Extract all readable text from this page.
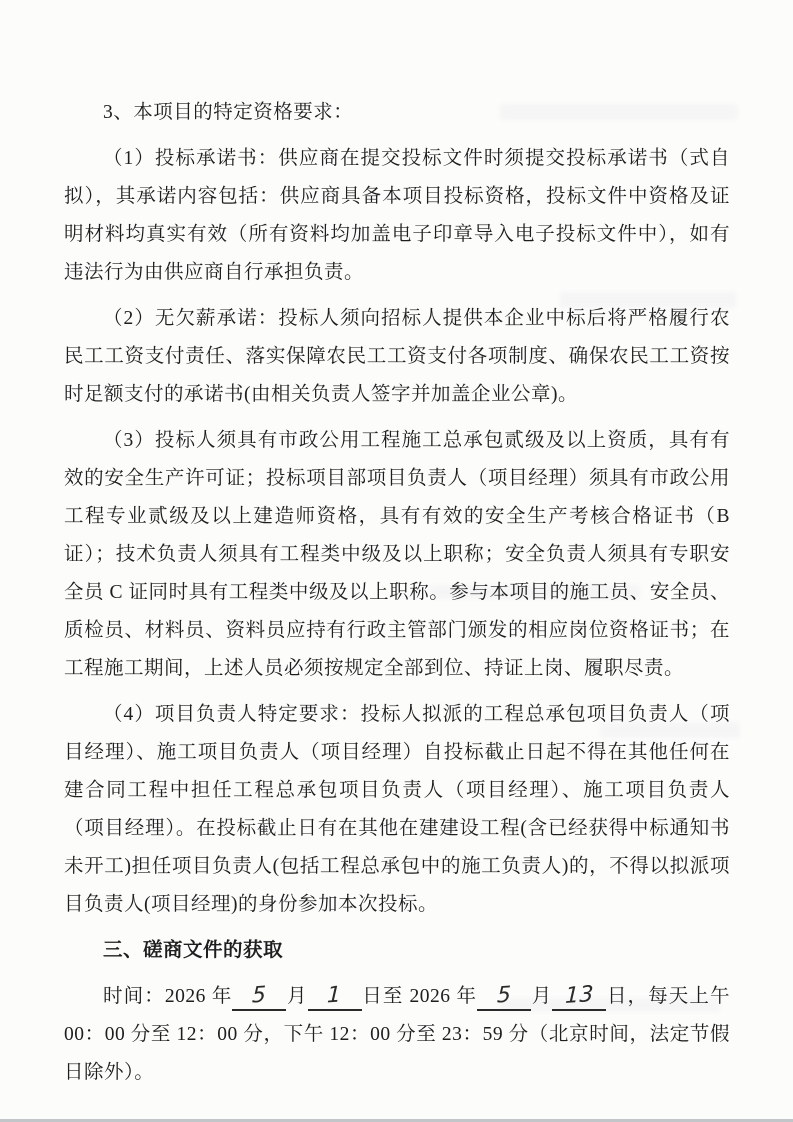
3、本项目的特定资格要求：

（1）投标承诺书：供应商在提交投标文件时须提交投标承诺书（式自拟），其承诺内容包括：供应商具备本项目投标资格，投标文件中资格及证明材料均真实有效（所有资料均加盖电子印章导入电子投标文件中），如有违法行为由供应商自行承担负责。

（2）无欠薪承诺：投标人须向招标人提供本企业中标后将严格履行农民工工资支付责任、落实保障农民工工资支付各项制度、确保农民工工资按时足额支付的承诺书(由相关负责人签字并加盖企业公章)。

（3）投标人须具有市政公用工程施工总承包贰级及以上资质，具有有效的安全生产许可证；投标项目部项目负责人（项目经理）须具有市政公用工程专业贰级及以上建造师资格，具有有效的安全生产考核合格证书（B 证）；技术负责人须具有工程类中级及以上职称；安全负责人须具有专职安全员 C 证同时具有工程类中级及以上职称。参与本项目的施工员、安全员、质检员、材料员、资料员应持有行政主管部门颁发的相应岗位资格证书；在工程施工期间，上述人员必须按规定全部到位、持证上岗、履职尽责。

（4）项目负责人特定要求：投标人拟派的工程总承包项目负责人（项目经理）、施工项目负责人（项目经理）自投标截止日起不得在其他任何在建合同工程中担任工程总承包项目负责人（项目经理）、施工项目负责人（项目经理）。在投标截止日有在其他在建建设工程(含已经获得中标通知书未开工)担任项目负责人(包括工程总承包中的施工负责人)的，不得以拟派项目负责人(项目经理)的身份参加本次投标。

三、磋商文件的获取

时间：2026 年 5 月 1 日至 2026 年 5 月 13 日，每天上午 00：00 分至 12：00 分，下午 12：00 分至 23：59 分（北京时间，法定节假日除外）。
